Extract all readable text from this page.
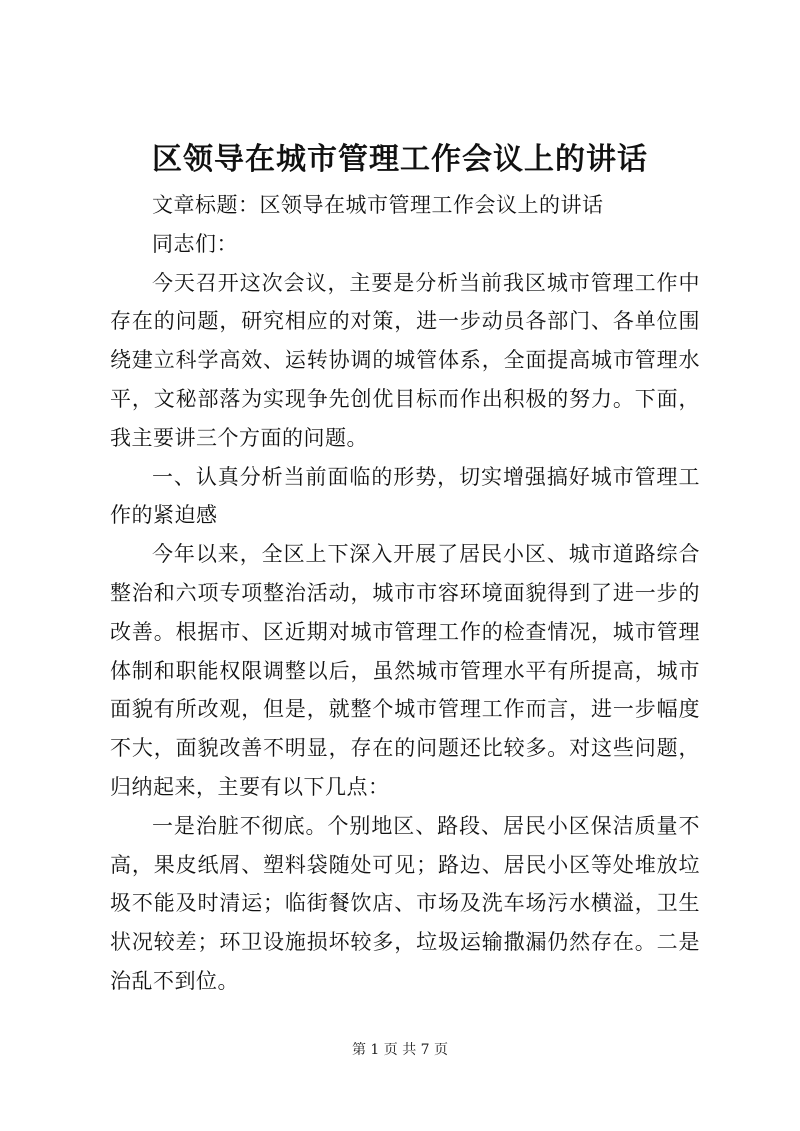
区领导在城市管理工作会议上的讲话

文章标题：区领导在城市管理工作会议上的讲话

同志们：

今天召开这次会议，主要是分析当前我区城市管理工作中存在的问题，研究相应的对策，进一步动员各部门、各单位围绕建立科学高效、运转协调的城管体系，全面提高城市管理水平，文秘部落为实现争先创优目标而作出积极的努力。下面，我主要讲三个方面的问题。

一、认真分析当前面临的形势，切实增强搞好城市管理工作的紧迫感

今年以来，全区上下深入开展了居民小区、城市道路综合整治和六项专项整治活动，城市市容环境面貌得到了进一步的改善。根据市、区近期对城市管理工作的检查情况，城市管理体制和职能权限调整以后，虽然城市管理水平有所提高，城市面貌有所改观，但是，就整个城市管理工作而言，进一步幅度不大，面貌改善不明显，存在的问题还比较多。对这些问题，归纳起来，主要有以下几点：

一是治脏不彻底。个别地区、路段、居民小区保洁质量不高，果皮纸屑、塑料袋随处可见；路边、居民小区等处堆放垃圾不能及时清运；临街餐饮店、市场及洗车场污水横溢，卫生状况较差；环卫设施损坏较多，垃圾运输撒漏仍然存在。二是治乱不到位。

第 1 页 共 7 页
